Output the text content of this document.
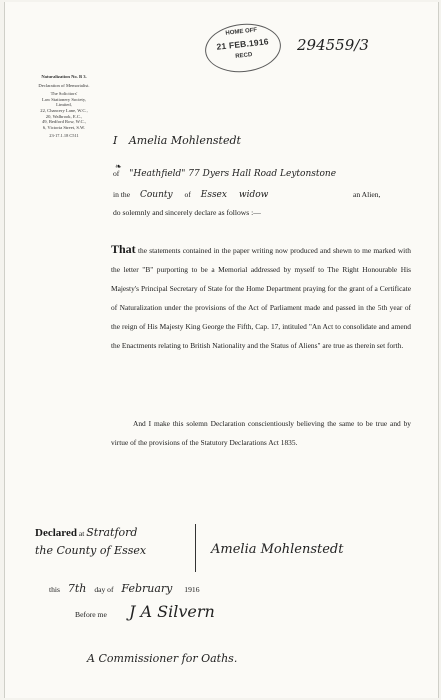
Naturalization No. B 3.
Declaration of Memorialist.
The Solicitors'
Law Stationery Society,
Limited,
22, Chancery Lane, W.C.,
20, Walbrook, E.C.,
49, Bedford Row, W.C.,
6, Victoria Street, S.W.
23-17.1.18 C511
HOME OFF
21 FEB.1916
RECD
294559/3
I Amelia Mohlenstedt
of "Heathfield" 77 Dyers Hall Road Leytonstone
in the County of Essex widow	an Alien,
do solemnly and sincerely declare as follows :—
❧
That the statements contained in the paper writing now produced and shewn to me marked with the letter "B" purporting to be a Memorial addressed by myself to The Right Honourable His Majesty's Principal Secretary of State for the Home Department praying for the grant of a Certificate of Naturalization under the provisions of the Act of Parliament made and passed in the 5th year of the reign of His Majesty King George the Fifth, Cap. 17, intituled "An Act to consolidate and amend the Enactments relating to British Nationality and the Status of Aliens" are true as therein set forth.
And I make this solemn Declaration conscientiously believing the same to be true and by virtue of the provisions of the Statutory Declarations Act 1835.
Declared at Stratford
the County of Essex	Amelia Mohlenstedt
this 7th day of February 1916
Before me J A Silvern
A Commissioner for Oaths.
